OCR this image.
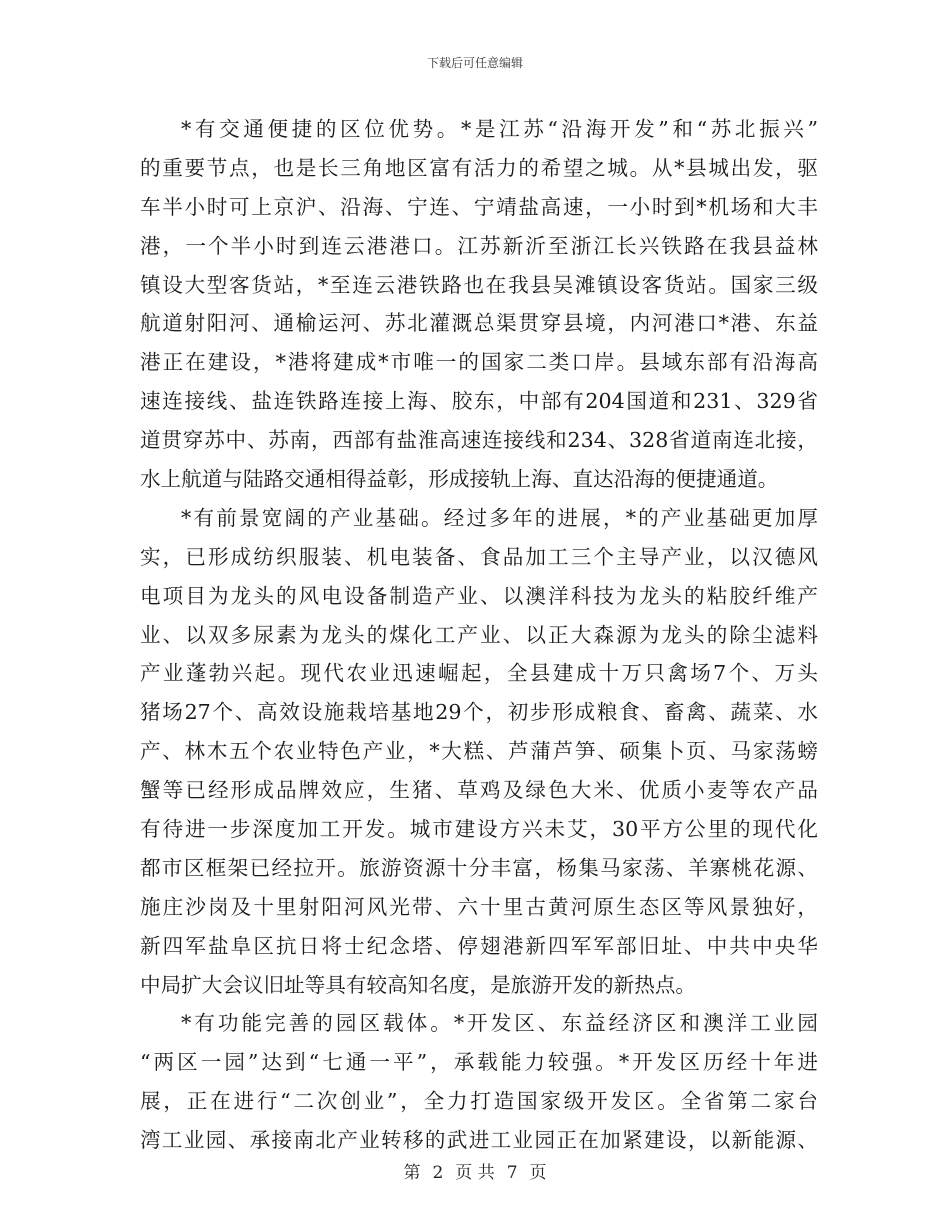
下载后可任意编辑
*有交通便捷的区位优势。*是江苏“沿海开发”和“苏北振兴”
的重要节点，也是长三角地区富有活力的希望之城。从*县城出发，驱
车半小时可上京沪、沿海、宁连、宁靖盐高速，一小时到*机场和大丰
港，一个半小时到连云港港口。江苏新沂至浙江长兴铁路在我县益林
镇设大型客货站，*至连云港铁路也在我县吴滩镇设客货站。国家三级
航道射阳河、通榆运河、苏北灌溉总渠贯穿县境，内河港口*港、东益
港正在建设，*港将建成*市唯一的国家二类口岸。县域东部有沿海高
速连接线、盐连铁路连接上海、胶东，中部有204国道和231、329省
道贯穿苏中、苏南，西部有盐淮高速连接线和234、328省道南连北接，
水上航道与陆路交通相得益彰，形成接轨上海、直达沿海的便捷通道。
*有前景宽阔的产业基础。经过多年的进展，*的产业基础更加厚
实，已形成纺织服装、机电装备、食品加工三个主导产业，以汉德风
电项目为龙头的风电设备制造产业、以澳洋科技为龙头的粘胶纤维产
业、以双多尿素为龙头的煤化工产业、以正大森源为龙头的除尘滤料
产业蓬勃兴起。现代农业迅速崛起，全县建成十万只禽场7个、万头
猪场27个、高效设施栽培基地29个，初步形成粮食、畜禽、蔬菜、水
产、林木五个农业特色产业，*大糕、芦蒲芦笋、硕集卜页、马家荡螃
蟹等已经形成品牌效应，生猪、草鸡及绿色大米、优质小麦等农产品
有待进一步深度加工开发。城市建设方兴未艾，30平方公里的现代化
都市区框架已经拉开。旅游资源十分丰富，杨集马家荡、羊寨桃花源、
施庄沙岗及十里射阳河风光带、六十里古黄河原生态区等风景独好，
新四军盐阜区抗日将士纪念塔、停翅港新四军军部旧址、中共中央华
中局扩大会议旧址等具有较高知名度，是旅游开发的新热点。
*有功能完善的园区载体。*开发区、东益经济区和澳洋工业园
“两区一园”达到“七通一平”，承载能力较强。*开发区历经十年进
展，正在进行“二次创业”，全力打造国家级开发区。全省第二家台
湾工业园、承接南北产业转移的武进工业园正在加紧建设，以新能源、
第 2 页 共 7 页
